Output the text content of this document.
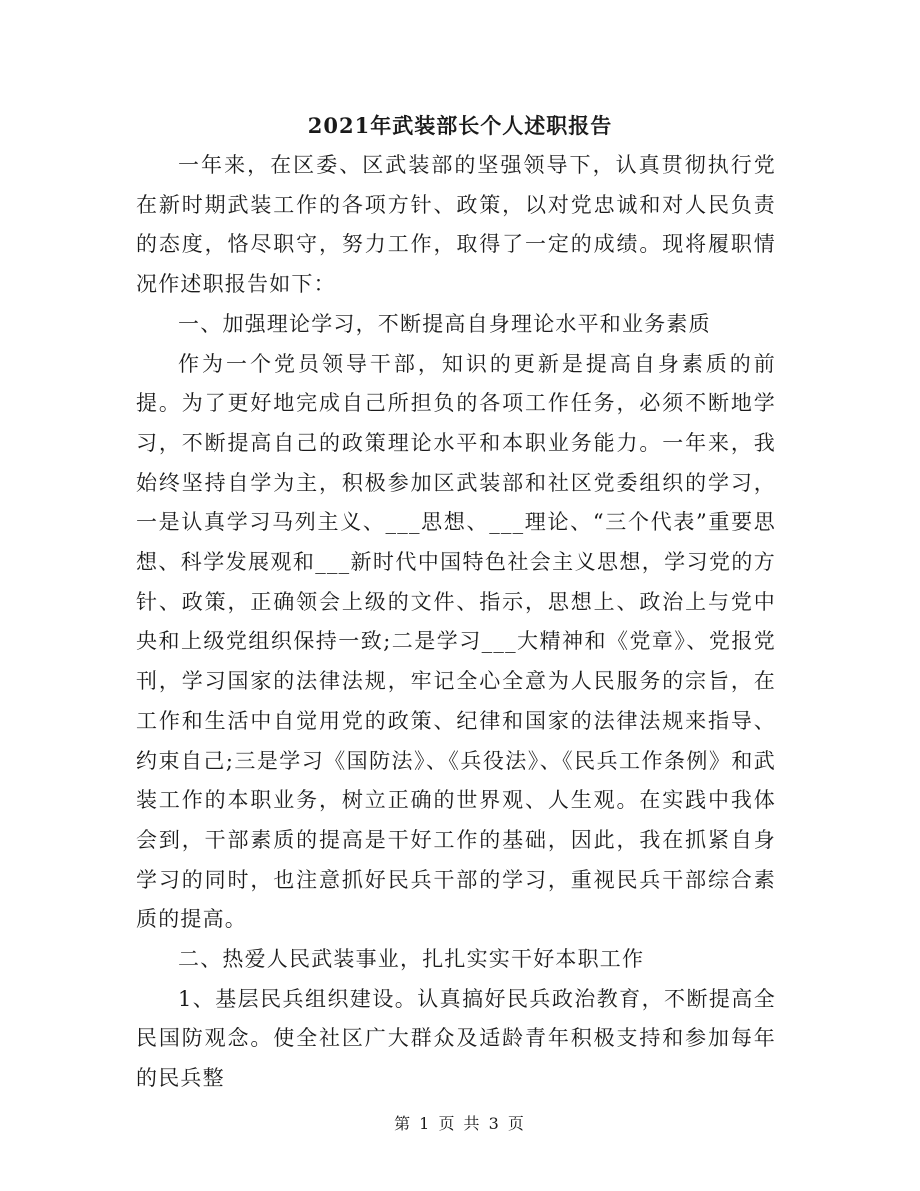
2021年武装部长个人述职报告

一年来，在区委、区武装部的坚强领导下，认真贯彻执行党在新时期武装工作的各项方针、政策，以对党忠诚和对人民负责的态度，恪尽职守，努力工作，取得了一定的成绩。现将履职情况作述职报告如下：

一、加强理论学习，不断提高自身理论水平和业务素质

作为一个党员领导干部，知识的更新是提高自身素质的前提。为了更好地完成自己所担负的各项工作任务，必须不断地学习，不断提高自己的政策理论水平和本职业务能力。一年来，我始终坚持自学为主，积极参加区武装部和社区党委组织的学习，一是认真学习马列主义、___思想、___理论、“三个代表”重要思想、科学发展观和___新时代中国特色社会主义思想，学习党的方针、政策，正确领会上级的文件、指示，思想上、政治上与党中央和上级党组织保持一致;二是学习___大精神和《党章》、党报党刊，学习国家的法律法规，牢记全心全意为人民服务的宗旨，在工作和生活中自觉用党的政策、纪律和国家的法律法规来指导、约束自己;三是学习《国防法》、《兵役法》、《民兵工作条例》和武装工作的本职业务，树立正确的世界观、人生观。在实践中我体会到，干部素质的提高是干好工作的基础，因此，我在抓紧自身学习的同时，也注意抓好民兵干部的学习，重视民兵干部综合素质的提高。

二、热爱人民武装事业，扎扎实实干好本职工作

1、基层民兵组织建设。认真搞好民兵政治教育，不断提高全民国防观念。使全社区广大群众及适龄青年积极支持和参加每年的民兵整

第 1 页 共 3 页
